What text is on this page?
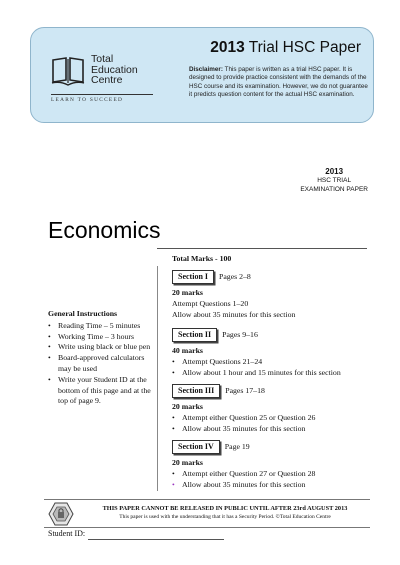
Total
Education
Centre
LEARN TO SUCCEED
2013 Trial HSC Paper
Disclaimer: This paper is written as a trial HSC paper. It is designed to provide practice consistent with the demands of the HSC course and its examination. However, we do not guarantee it predicts question content for the actual HSC examination.
2013
HSC TRIAL
EXAMINATION PAPER
Economics
General Instructions
• Reading Time – 5 minutes
• Working Time – 3 hours
• Write using black or blue pen
• Board-approved calculators may be used
• Write your Student ID at the bottom of this page and at the top of page 9.
Total Marks - 100
Section I	Pages 2–8
20 marks
Attempt Questions 1–20
Allow about 35 minutes for this section
Section II	Pages 9–16
40 marks
• Attempt Questions 21–24
• Allow about 1 hour and 15 minutes for this section
Section III	Pages 17–18
20 marks
• Attempt either Question 25 or Question 26
• Allow about 35 minutes for this section
Section IV	Page 19
20 marks
• Attempt either Question 27 or Question 28
• Allow about 35 minutes for this section
THIS PAPER CANNOT BE RELEASED IN PUBLIC UNTIL AFTER 23rd AUGUST 2013
This paper is used with the understanding that it has a Security Period. ©Total Education Centre
Student ID:
